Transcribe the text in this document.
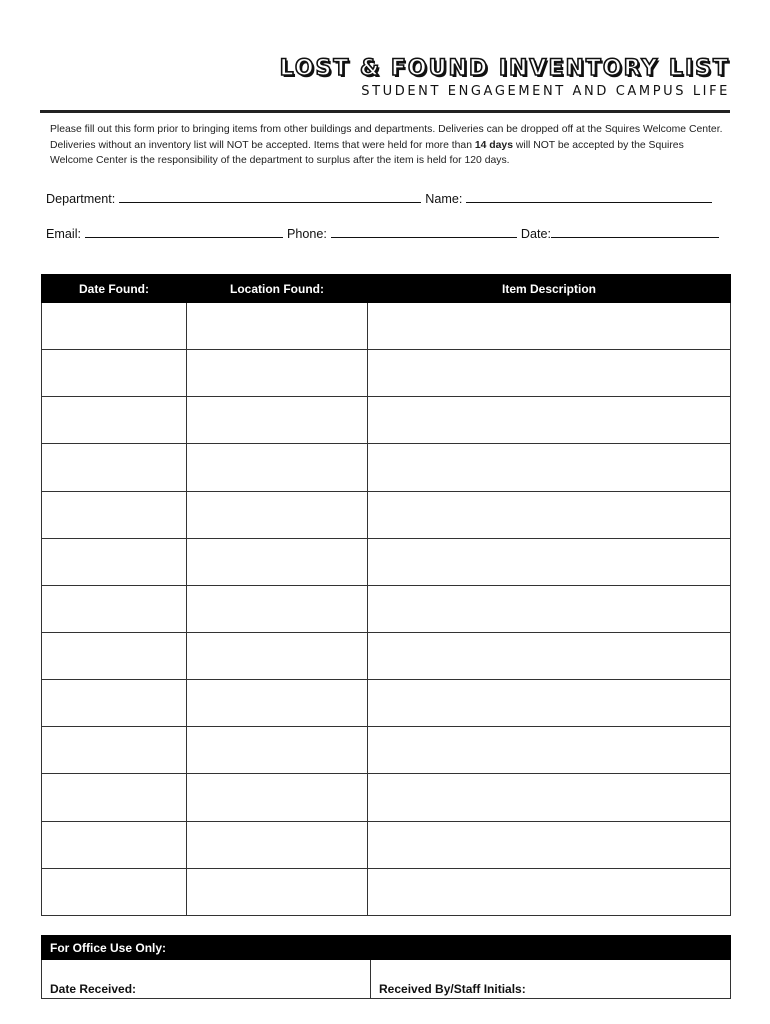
LOST & FOUND INVENTORY LIST
STUDENT ENGAGEMENT AND CAMPUS LIFE
Please fill out this form prior to bringing items from other buildings and departments. Deliveries can be dropped off at the Squires Welcome Center. Deliveries without an inventory list will NOT be accepted. Items that were held for more than 14 days will NOT be accepted by the Squires Welcome Center is the responsibility of the department to surplus after the item is held for 120 days.
Department:	Name:
Email:	Phone:	Date:
Date Found:	Location Found:	Item Description

For Office Use Only:
Date Received:	Received By/Staff Initials:
